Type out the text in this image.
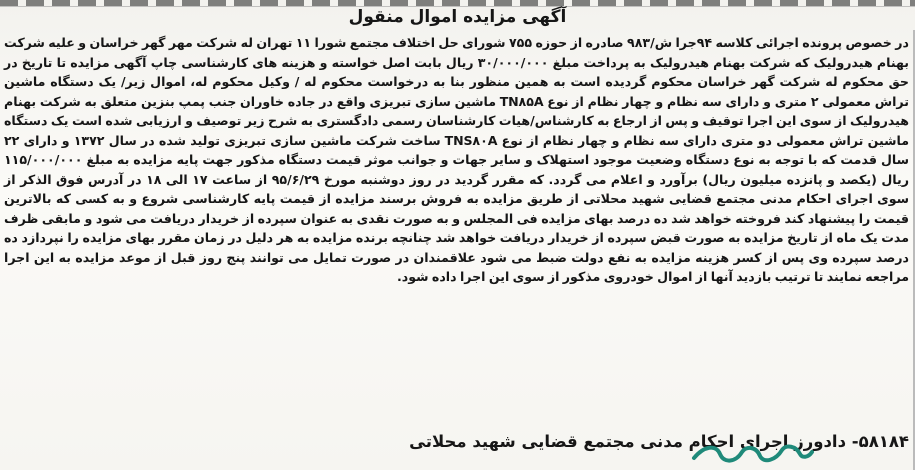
آگهی مزایده اموال منقول
در خصوص پرونده اجرائی کلاسه ۹۴جرا ش/۹۸۳ صادره از حوزه ۷۵۵ شورای حل اختلاف مجتمع شورا ۱۱ تهران له شرکت مهر گهر خراسان و علیه شرکت بهنام هیدرولیک که شرکت بهنام هیدرولیک به پرداخت مبلغ ۳۰/۰۰۰/۰۰۰ ریال بابت اصل خواسته و هزینه های کارشناسی چاپ آگهی مزایده تا تاریخ در حق محکوم له شرکت گهر خراسان محکوم گردیده است به همین منظور بنا به درخواست محکوم له / وکیل محکوم له، اموال زیر/ یک دستگاه ماشین تراش معمولی ۲ متری و دارای سه نظام و چهار نظام از نوع TN۸۵A ماشین سازی تبریزی واقع در جاده خاوران جنب پمپ بنزین متعلق به شرکت بهنام هیدرولیک از سوی این اجرا توقیف و پس از ارجاع به کارشناس/هیات کارشناسان رسمی دادگستری به شرح زیر توصیف و ارزیابی شده است یک دستگاه ماشین تراش معمولی دو متری دارای سه نظام و چهار نظام از نوع TNS۸۰A ساخت شرکت ماشین سازی تبریزی تولید شده در سال ۱۳۷۲ و دارای ۲۲ سال قدمت که با توجه به نوع دستگاه وضعیت موجود استهلاک و سایر جهات و جوانب موثر قیمت دستگاه مذکور جهت پایه مزایده به مبلغ ۱۱۵/۰۰۰/۰۰۰ ریال (یکصد و پانزده میلیون ریال) برآورد و اعلام می گردد. که مقرر گردید در روز دوشنبه مورخ ۹۵/۶/۲۹ از ساعت ۱۷ الی ۱۸ در آدرس فوق الذکر از سوی اجرای احکام مدنی مجتمع قضایی شهید محلاتی از طریق مزایده به فروش برسند مزایده از قیمت پایه کارشناسی شروع و به کسی که بالاترین قیمت را پیشنهاد کند فروخته خواهد شد ده درصد بهای مزایده فی المجلس و به صورت نقدی به عنوان سپرده از خریدار دریافت می شود و مابقی ظرف مدت یک ماه از تاریخ مزایده به صورت قبض سپرده از خریدار دریافت خواهد شد چنانچه برنده مزایده به هر دلیل در زمان مقرر بهای مزایده را نپردازد ده درصد سپرده وی پس از کسر هزینه مزایده به نفع دولت ضبط می شود علاقمندان در صورت تمایل می توانند پنج روز قبل از موعد مزایده به این اجرا مراجعه نمایند تا ترتیب بازدید آنها از اموال خودروی مذکور از سوی این اجرا داده شود.
۵۸۱۸۴- دادورز اجرای احکام مدنی مجتمع قضایی شهید محلاتی
